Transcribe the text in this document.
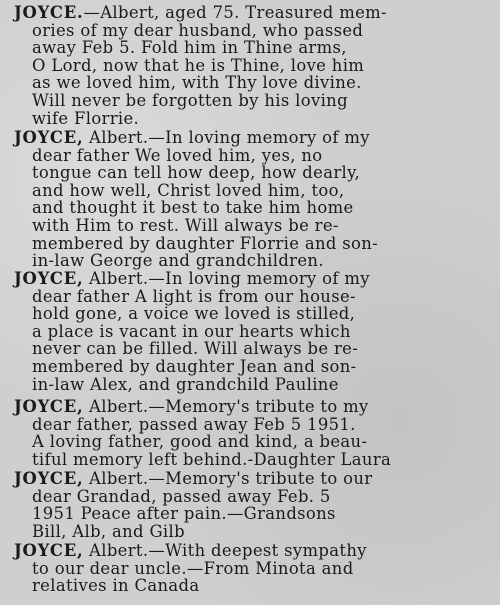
JOYCE.—Albert, aged 75. Treasured mem-
ories of my dear husband, who passed
away Feb 5. Fold him in Thine arms,
O Lord, now that he is Thine, love him
as we loved him, with Thy love divine.
Will never be forgotten by his loving
wife Florrie.
JOYCE, Albert.—In loving memory of my
dear father We loved him, yes, no
tongue can tell how deep, how dearly,
and how well, Christ loved him, too,
and thought it best to take him home
with Him to rest. Will always be re-
membered by daughter Florrie and son-
in-law George and grandchildren.
JOYCE, Albert.—In loving memory of my
dear father A light is from our house-
hold gone, a voice we loved is stilled,
a place is vacant in our hearts which
never can be filled. Will always be re-
membered by daughter Jean and son-
in-law Alex, and grandchild Pauline
JOYCE, Albert.—Memory's tribute to my
dear father, passed away Feb 5 1951.
A loving father, good and kind, a beau-
tiful memory left behind.-Daughter Laura
JOYCE, Albert.—Memory's tribute to our
dear Grandad, passed away Feb. 5
1951 Peace after pain.—Grandsons
Bill, Alb, and Gilb
JOYCE, Albert.—With deepest sympathy
to our dear uncle.—From Minota and
relatives in Canada
